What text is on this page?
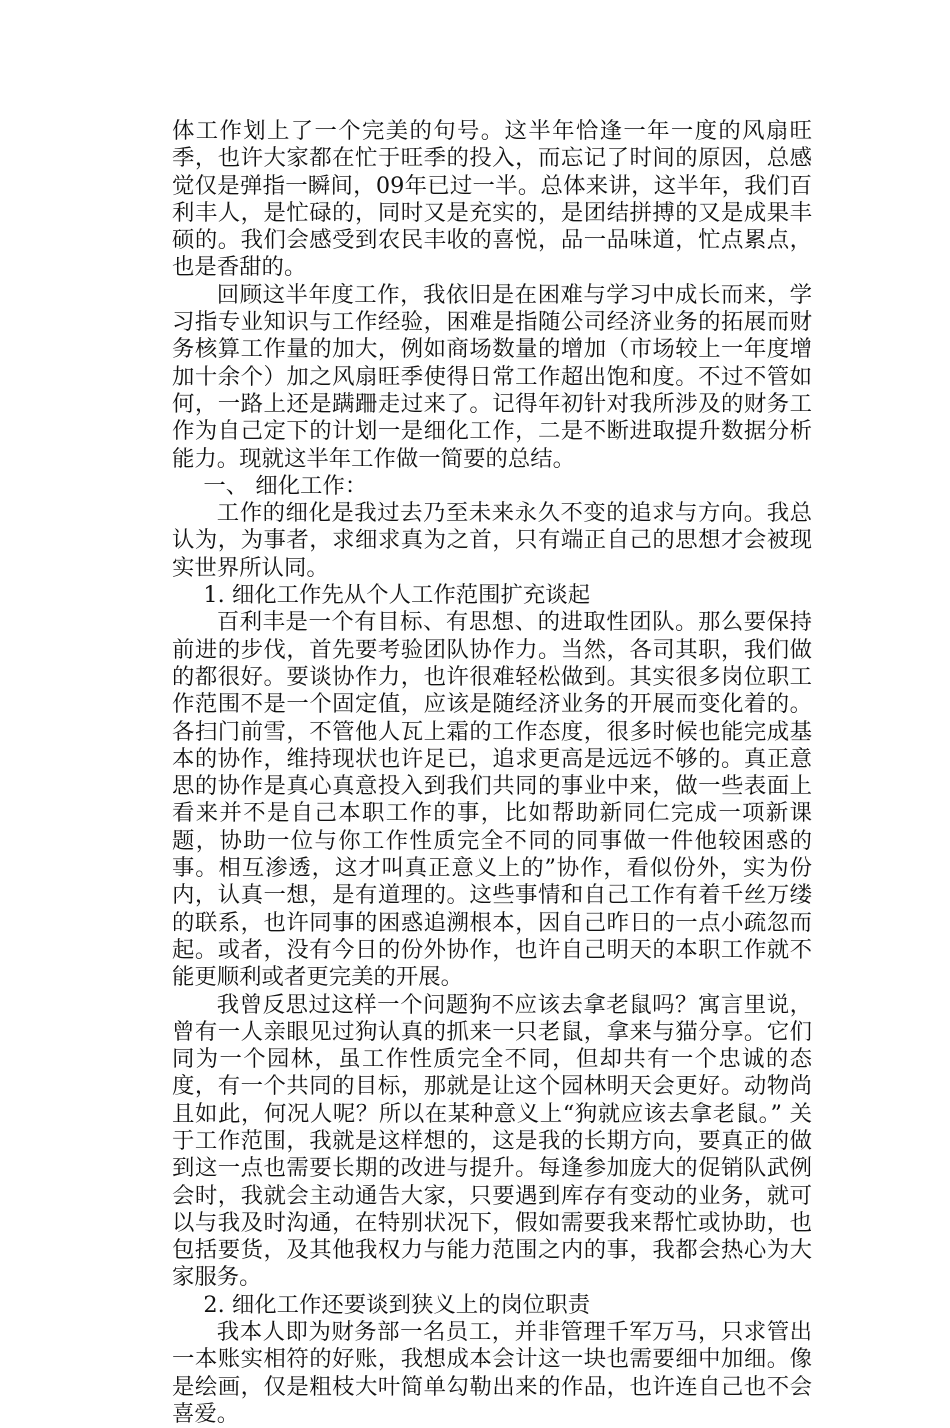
体工作划上了一个完美的句号。这半年恰逢一年一度的风扇旺季，也许大家都在忙于旺季的投入，而忘记了时间的原因，总感觉仅是弹指一瞬间，09年已过一半。总体来讲，这半年，我们百利丰人，是忙碌的，同时又是充实的，是团结拼搏的又是成果丰硕的。我们会感受到农民丰收的喜悦，品一品味道，忙点累点，也是香甜的。

回顾这半年度工作，我依旧是在困难与学习中成长而来，学习指专业知识与工作经验，困难是指随公司经济业务的拓展而财务核算工作量的加大，例如商场数量的增加（市场较上一年度增加十余个）加之风扇旺季使得日常工作超出饱和度。不过不管如何，一路上还是蹒跚走过来了。记得年初针对我所涉及的财务工作为自己定下的计划一是细化工作，二是不断进取提升数据分析能力。现就这半年工作做一简要的总结。

一、 细化工作：

工作的细化是我过去乃至未来永久不变的追求与方向。我总认为，为事者，求细求真为之首，只有端正自己的思想才会被现实世界所认同。

1. 细化工作先从个人工作范围扩充谈起

百利丰是一个有目标、有思想、的进取性团队。那么要保持前进的步伐，首先要考验团队协作力。当然，各司其职，我们做的都很好。要谈协作力，也许很难轻松做到。其实很多岗位职工作范围不是一个固定值，应该是随经济业务的开展而变化着的。各扫门前雪，不管他人瓦上霜的工作态度，很多时候也能完成基本的协作，维持现状也许足已，追求更高是远远不够的。真正意思的协作是真心真意投入到我们共同的事业中来，做一些表面上看来并不是自己本职工作的事，比如帮助新同仁完成一项新课题，协助一位与你工作性质完全不同的同事做一件他较困惑的事。相互渗透，这才叫真正意义上的”协作，看似份外，实为份内，认真一想，是有道理的。这些事情和自己工作有着千丝万缕的联系，也许同事的困惑追溯根本，因自己昨日的一点小疏忽而起。或者，没有今日的份外协作，也许自己明天的本职工作就不能更顺利或者更完美的开展。

我曾反思过这样一个问题狗不应该去拿老鼠吗？寓言里说，曾有一人亲眼见过狗认真的抓来一只老鼠，拿来与猫分享。它们同为一个园林，虽工作性质完全不同，但却共有一个忠诚的态度，有一个共同的目标，那就是让这个园林明天会更好。动物尚且如此，何况人呢？所以在某种意义上“狗就应该去拿老鼠。” 关于工作范围，我就是这样想的，这是我的长期方向，要真正的做到这一点也需要长期的改进与提升。每逢参加庞大的促销队武例会时，我就会主动通告大家，只要遇到库存有变动的业务，就可以与我及时沟通，在特别状况下，假如需要我来帮忙或协助，也包括要货，及其他我权力与能力范围之内的事，我都会热心为大家服务。

2. 细化工作还要谈到狭义上的岗位职责

我本人即为财务部一名员工，并非管理千军万马，只求管出一本账实相符的好账，我想成本会计这一块也需要细中加细。像是绘画，仅是粗枝大叶简单勾勒出来的作品，也许连自己也不会喜爱。
